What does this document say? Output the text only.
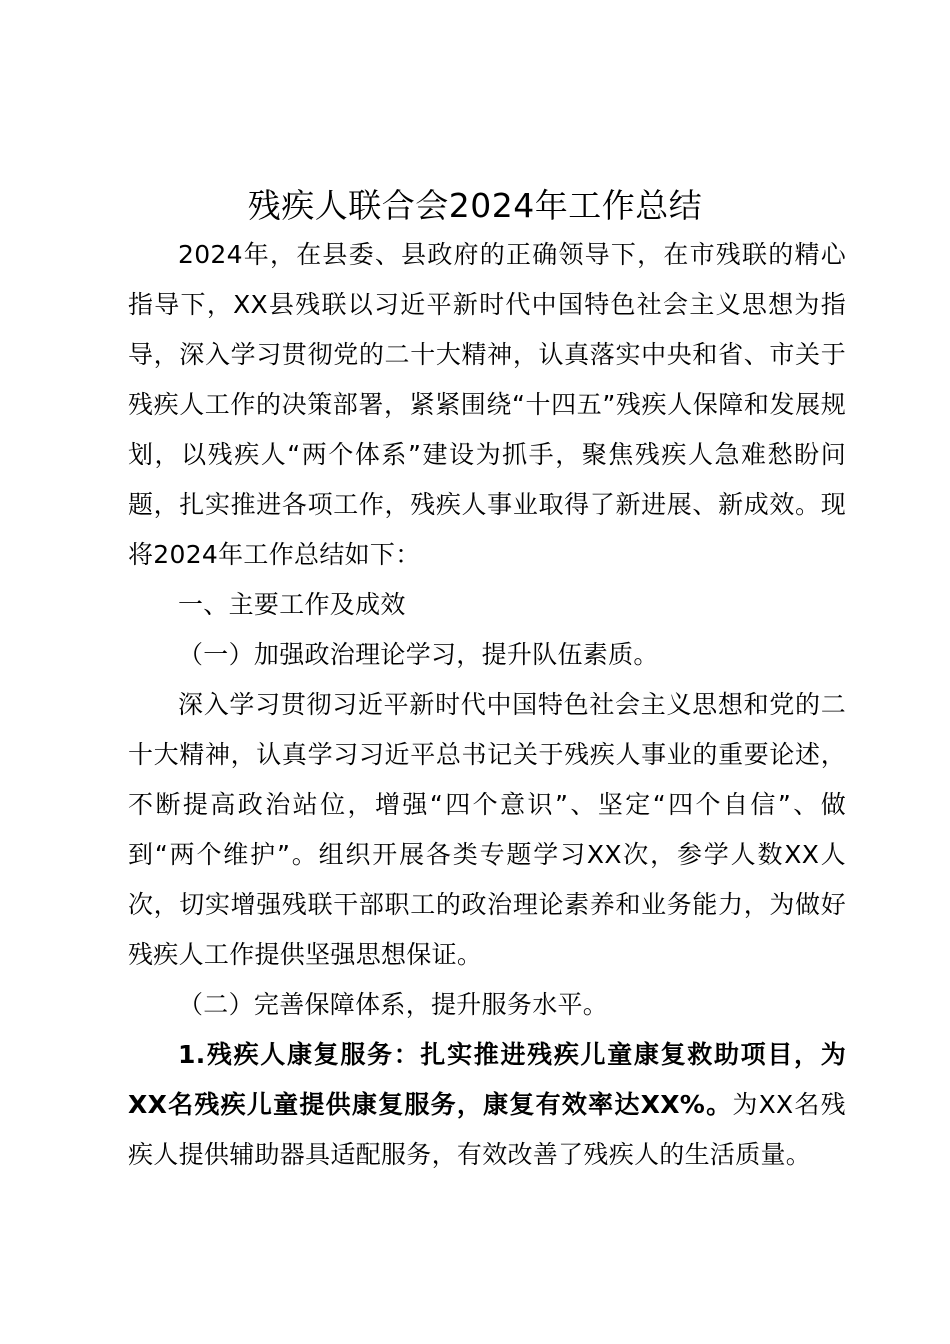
残疾人联合会2024年工作总结

2024年，在县委、县政府的正确领导下，在市残联的精心指导下，XX县残联以习近平新时代中国特色社会主义思想为指导，深入学习贯彻党的二十大精神，认真落实中央和省、市关于残疾人工作的决策部署，紧紧围绕“十四五”残疾人保障和发展规划，以残疾人“两个体系”建设为抓手，聚焦残疾人急难愁盼问题，扎实推进各项工作，残疾人事业取得了新进展、新成效。现将2024年工作总结如下：

一、主要工作及成效

（一）加强政治理论学习，提升队伍素质。

深入学习贯彻习近平新时代中国特色社会主义思想和党的二十大精神，认真学习习近平总书记关于残疾人事业的重要论述，不断提高政治站位，增强“四个意识”、坚定“四个自信”、做到“两个维护”。组织开展各类专题学习XX次，参学人数XX人次，切实增强残联干部职工的政治理论素养和业务能力，为做好残疾人工作提供坚强思想保证。

（二）完善保障体系，提升服务水平。

1.残疾人康复服务：扎实推进残疾儿童康复救助项目，为XX名残疾儿童提供康复服务，康复有效率达XX%。为XX名残疾人提供辅助器具适配服务，有效改善了残疾人的生活质量。
